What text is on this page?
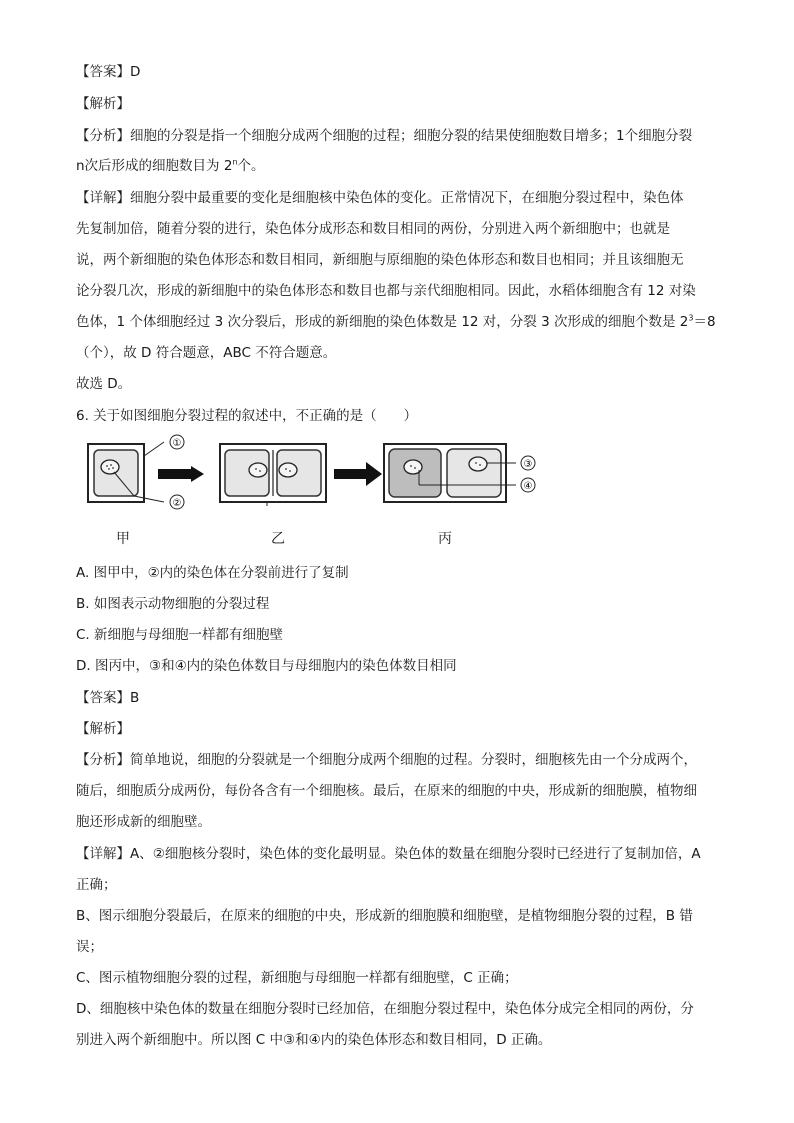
【答案】D
【解析】
【分析】细胞的分裂是指一个细胞分成两个细胞的过程；细胞分裂的结果使细胞数目增多；1个细胞分裂
n次后形成的细胞数目为 2$^n$个。
【详解】细胞分裂中最重要的变化是细胞核中染色体的变化。正常情况下，在细胞分裂过程中，染色体
先复制加倍，随着分裂的进行，染色体分成形态和数目相同的两份，分别进入两个新细胞中；也就是
说，两个新细胞的染色体形态和数目相同，新细胞与原细胞的染色体形态和数目也相同；并且该细胞无
论分裂几次，形成的新细胞中的染色体形态和数目也都与亲代细胞相同。因此，水稻体细胞含有 12 对染
色体，1 个体细胞经过 3 次分裂后，形成的新细胞的染色体数是 12 对，分裂 3 次形成的细胞个数是 $2^3=8$
（个），故 D 符合题意，ABC 不符合题意。
故选 D。
6. 关于如图细胞分裂过程的叙述中，不正确的是（　　）
①
②
③
④
甲	乙	丙
A. 图甲中，②内的染色体在分裂前进行了复制
B. 如图表示动物细胞的分裂过程
C. 新细胞与母细胞一样都有细胞壁
D. 图丙中，③和④内的染色体数目与母细胞内的染色体数目相同
【答案】B
【解析】
【分析】简单地说，细胞的分裂就是一个细胞分成两个细胞的过程。分裂时，细胞核先由一个分成两个，
随后，细胞质分成两份，每份各含有一个细胞核。最后，在原来的细胞的中央，形成新的细胞膜，植物细
胞还形成新的细胞壁。
【详解】A、②细胞核分裂时，染色体的变化最明显。染色体的数量在细胞分裂时已经进行了复制加倍，A
正确；
B、图示细胞分裂最后，在原来的细胞的中央，形成新的细胞膜和细胞壁，是植物细胞分裂的过程，B 错
误；
C、图示植物细胞分裂的过程，新细胞与母细胞一样都有细胞壁，C 正确；
D、细胞核中染色体的数量在细胞分裂时已经加倍，在细胞分裂过程中，染色体分成完全相同的两份，分
别进入两个新细胞中。所以图 C 中③和④内的染色体形态和数目相同，D 正确。
